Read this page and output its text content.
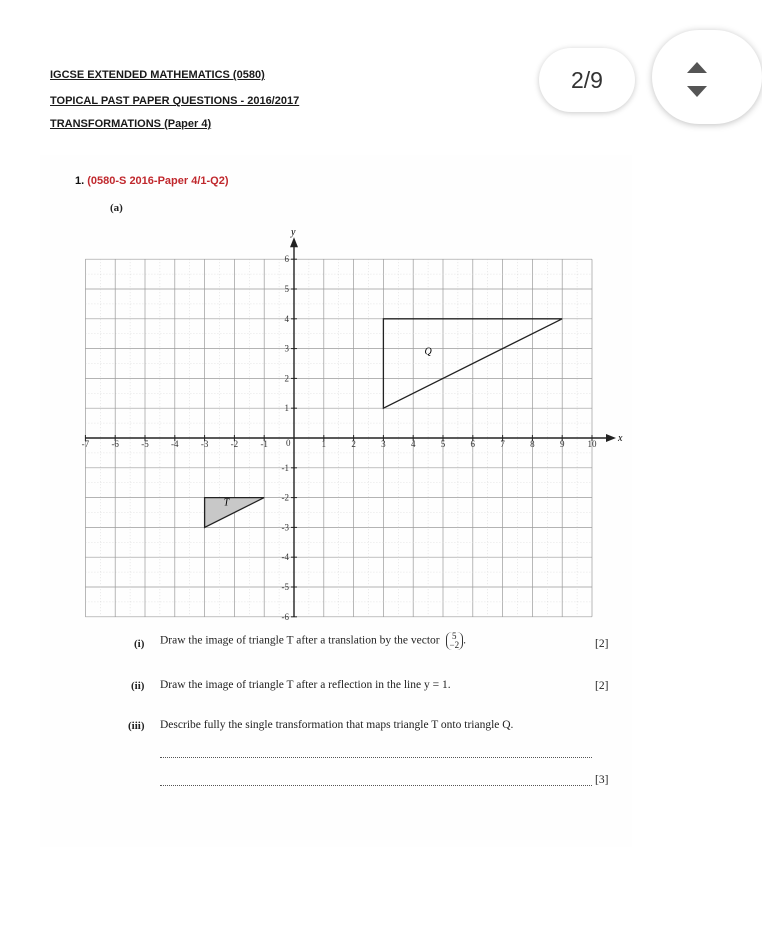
IGCSE EXTENDED MATHEMATICS (0580)
TOPICAL PAST PAPER QUESTIONS - 2016/2017
TRANSFORMATIONS (Paper 4)
2/9
1. (0580-S 2016-Paper 4/1-Q2)
(a)
x
y
-7 -6 -5 -4 -3 -2 -1 0	1	2	3	4	5	6	7	8	9	10
-6
-5
-4
-3
-2
-1
1
2
3
4
5
6
T
Q
(i) Draw the image of triangle T after a translation by the vector 5
−2 .	[2]
(ii) Draw the image of triangle T after a reflection in the line y = 1.	[2]
(iii) Describe fully the single transformation that maps triangle T onto triangle Q.
[3]
